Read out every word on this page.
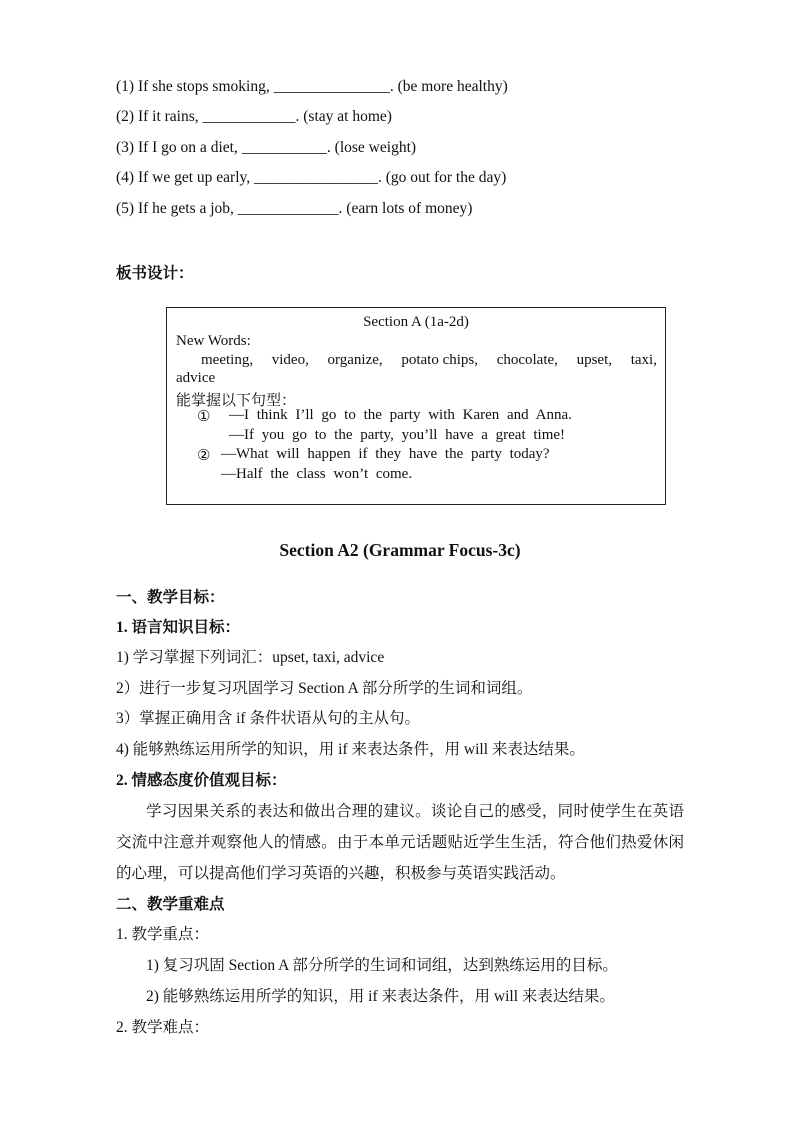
(1) If she stops smoking, _______________. (be more healthy)
(2) If it rains, ____________. (stay at home)
(3) If I go on a diet, ___________. (lose weight)
(4) If we get up early, ________________. (go out for the day)
(5) If he gets a job, _____________. (earn lots of money)
板书设计：
Section A (1a-2d)
New Words:
meeting, video, organize, potato chips, chocolate, upset, taxi,
advice
能掌握以下句型：
① —I think I’ll go to the party with Karen and Anna.
—If you go to the party, you’ll have a great time!
② —What will happen if they have the party today?
—Half the class won’t come.
Section A2 (Grammar Focus-3c)
一、教学目标：
1. 语言知识目标：
1) 学习掌握下列词汇：upset, taxi, advice
2）进行一步复习巩固学习 Section A 部分所学的生词和词组。
3）掌握正确用含 if 条件状语从句的主从句。
4) 能够熟练运用所学的知识，用 if 来表达条件，用 will 来表达结果。
2. 情感态度价值观目标：
学习因果关系的表达和做出合理的建议。谈论自己的感受，同时使学生在英语
交流中注意并观察他人的情感。由于本单元话题贴近学生生活，符合他们热爱休闲
的心理，可以提高他们学习英语的兴趣，积极参与英语实践活动。
二、教学重难点
1. 教学重点：
1) 复习巩固 Section A 部分所学的生词和词组，达到熟练运用的目标。
2) 能够熟练运用所学的知识，用 if 来表达条件，用 will 来表达结果。
2. 教学难点：
